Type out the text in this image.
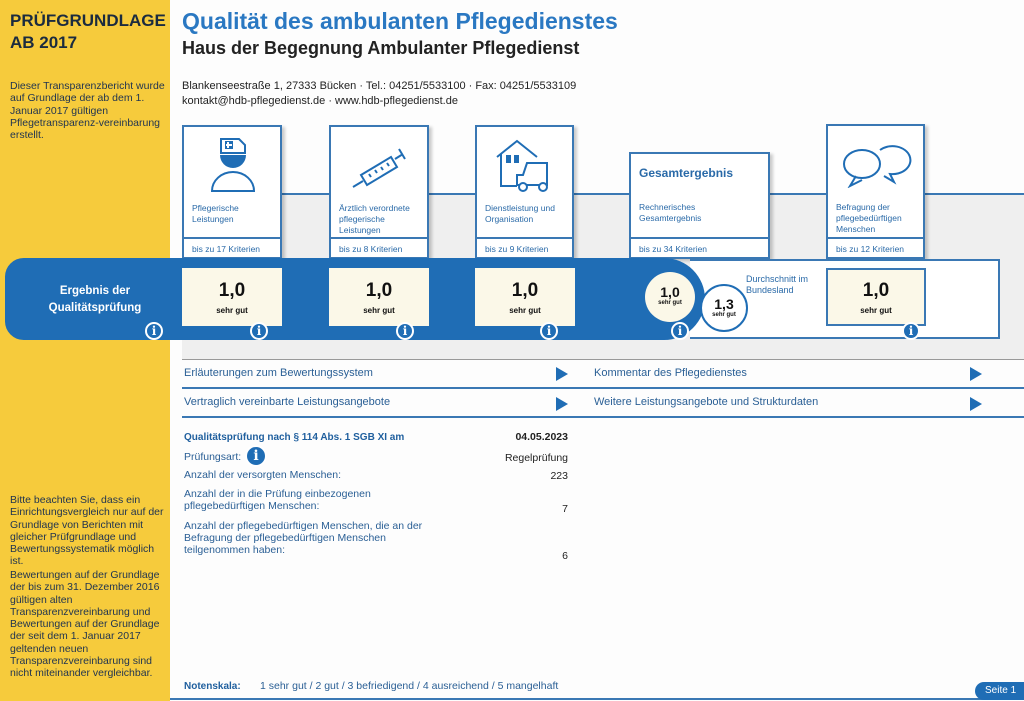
PRÜFGRUNDLAGE
AB 2017
Dieser Transparenzbericht wurde auf Grundlage der ab dem 1. Januar 2017 gültigen Pflegetransparenz-vereinbarung erstellt.
Bitte beachten Sie, dass ein Einrichtungsvergleich nur auf der Grundlage von Berichten mit gleicher Prüfgrundlage und Bewertungssystematik möglich ist.
Bewertungen auf der Grundlage der bis zum 31. Dezember 2016 gültigen alten Transparenzvereinbarung und Bewertungen auf der Grundlage der seit dem 1. Januar 2017 geltenden neuen Transparenzvereinbarung sind nicht miteinander vergleichbar.
Qualität des ambulanten Pflegedienstes
Haus der Begegnung Ambulanter Pflegedienst
Blankenseestraße 1, 27333 Bücken · Tel.: 04251/5533100 · Fax: 04251/5533109
kontakt@hdb-pflegedienst.de · www.hdb-pflegedienst.de
Pflegerische Leistungen
bis zu 17 Kriterien
Ärztlich verordnete pflegerische Leistungen
bis zu 8 Kriterien
Dienstleistung und Organisation
bis zu 9 Kriterien
Gesamtergebnis
Rechnerisches Gesamtergebnis
bis zu 34 Kriterien
Befragung der pflegebedürftigen Menschen
bis zu 12 Kriterien
Ergebnis der Qualitätsprüfung
1,0
sehr gut
1,0
sehr gut
1,0
sehr gut
1,0
sehr gut
1,0
sehr gut	1,3
sehr gut
Durchschnitt im Bundesland
i	i	i	i	i	i
Erläuterungen zum Bewertungssystem	Kommentar des Pflegedienstes
Vertraglich vereinbarte Leistungsangebote	Weitere Leistungsangebote und Strukturdaten
Qualitätsprüfung nach § 114 Abs. 1 SGB XI am	04.05.2023
Prüfungsart: i	Regelprüfung
Anzahl der versorgten Menschen:	223
Anzahl der in die Prüfung einbezogenen pflegebedürftigen Menschen:	7
Anzahl der pflegebedürftigen Menschen, die an der Befragung der pflegebedürftigen Menschen teilgenommen haben:	6
Notenskala: 1 sehr gut / 2 gut / 3 befriedigend / 4 ausreichend / 5 mangelhaft	Seite 1
